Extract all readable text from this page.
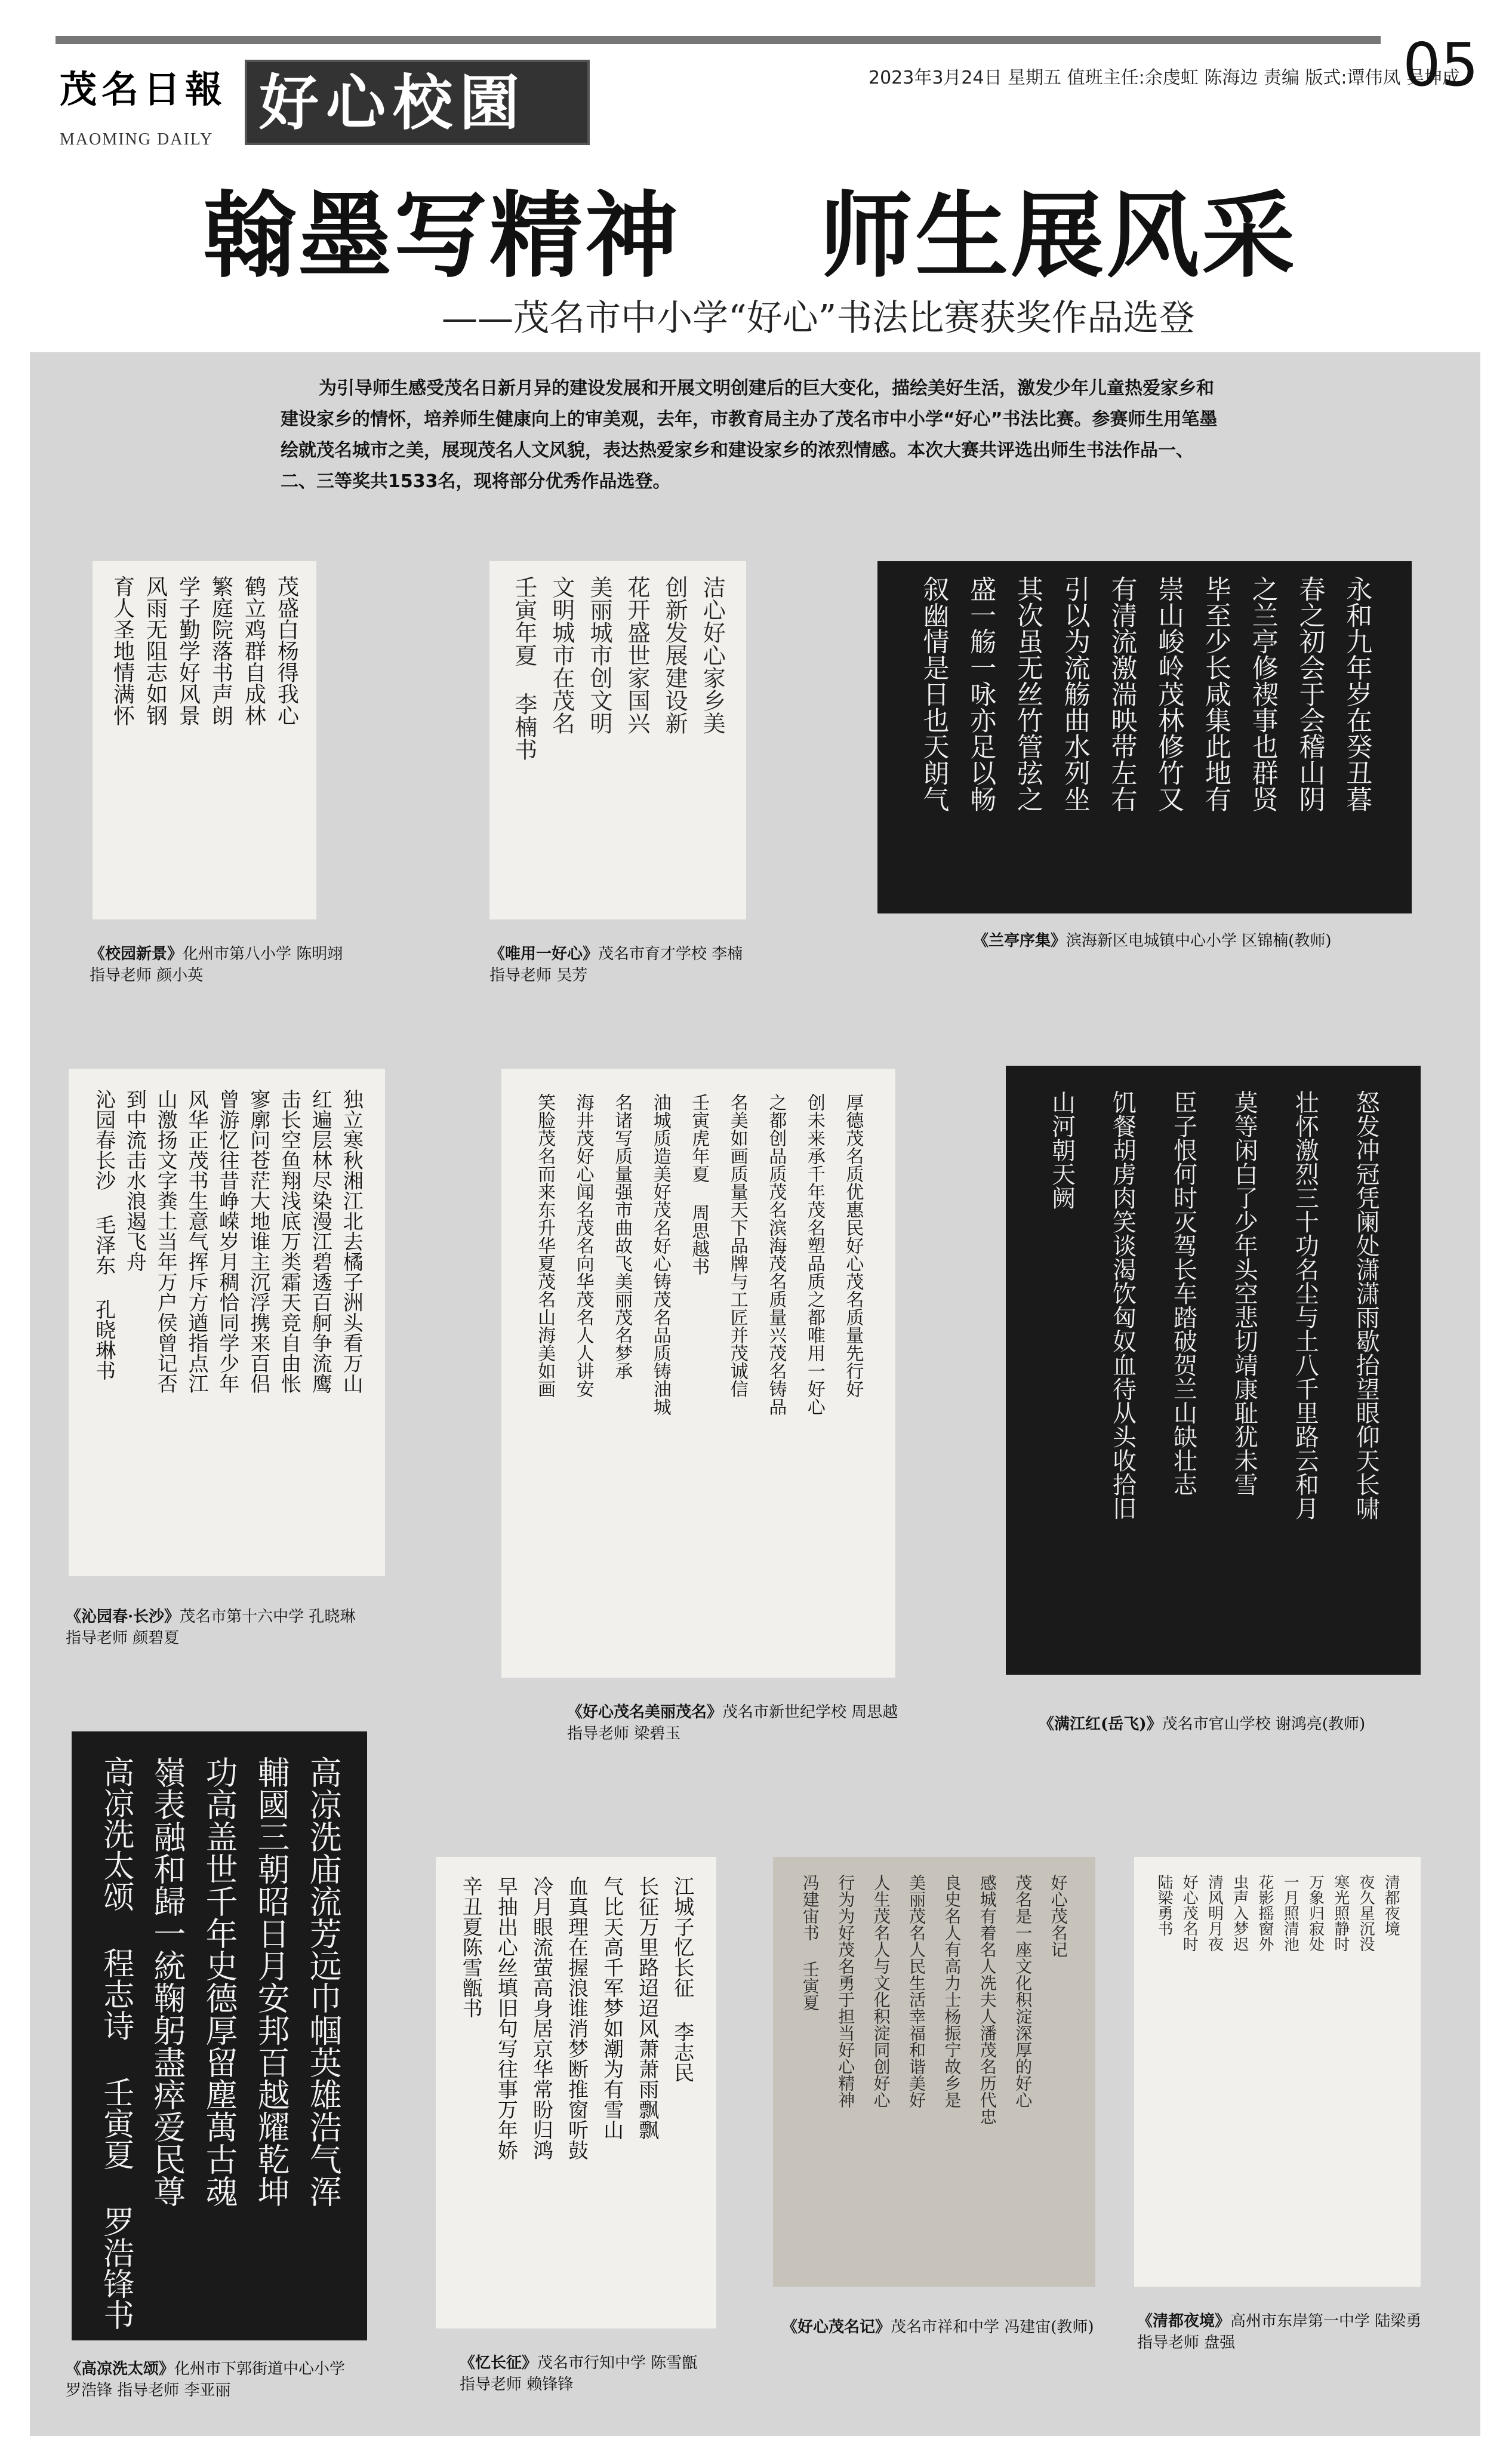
茂名日報
MAOMING DAILY
好心校園	2023年3月24日 星期五 值班主任:余虔虹 陈海边 责编 版式:谭伟凤 吴坤成
05
翰墨写精神    师生展风采
——茂名市中小学“好心”书法比赛获奖作品选登

为引导师生感受茂名日新月异的建设发展和开展文明创建后的巨大变化，描绘美好生活，激发少年儿童热爱家乡和建设家乡的情怀，培养师生健康向上的审美观，去年，市教育局主办了茂名市中小学“好心”书法比赛。参赛师生用笔墨绘就茂名城市之美，展现茂名人文风貌，表达热爱家乡和建设家乡的浓烈情感。本次大赛共评选出师生书法作品一、二、三等奖共1533名，现将部分优秀作品选登。

茂盛白杨得我心
鹤立鸡群自成林
繁庭院落书声朗
学子勤学好风景
风雨无阻志如钢
育人圣地情满怀
《校园新景》化州市第八小学 陈明翊
指导老师 颜小英
洁心好心家乡美
创新发展建设新
花开盛世家国兴
美丽城市创文明
文明城市在茂名
壬寅年夏 李楠书
《唯用一好心》茂名市育才学校 李楠
指导老师 吴芳
永和九年岁在癸丑暮
春之初会于会稽山阴
之兰亭修禊事也群贤
毕至少长咸集此地有
崇山峻岭茂林修竹又
有清流激湍映带左右
引以为流觞曲水列坐
其次虽无丝竹管弦之
盛一觞一咏亦足以畅
叙幽情是日也天朗气
《兰亭序集》滨海新区电城镇中心小学 区锦楠(教师)
独立寒秋湘江北去橘子洲头看万山
红遍层林尽染漫江碧透百舸争流鹰
击长空鱼翔浅底万类霜天竞自由怅
寥廓问苍茫大地谁主沉浮携来百侣
曾游忆往昔峥嵘岁月稠恰同学少年
风华正茂书生意气挥斥方遒指点江
山激扬文字粪土当年万户侯曾记否
到中流击水浪遏飞舟
沁园春长沙 毛泽东 孔晓琳书
《沁园春·长沙》茂名市第十六中学 孔晓琳
指导老师 颜碧夏
厚德茂名质优惠民好心茂名质量先行好
创未来承千年茂名塑品质之都唯用一好心
之都创品质茂名滨海茂名质量兴茂名铸品
名美如画质量天下品牌与工匠并茂诚信
壬寅虎年夏 周思越书
油城质造美好茂名好心铸茂名品质铸油城
名诸写质量强市曲故飞美丽茂名梦承
海井茂好心闻名茂名向华茂名人人讲安
笑脸茂名而来东升华夏茂名山海美如画
《好心茂名美丽茂名》茂名市新世纪学校 周思越
指导老师 梁碧玉
怒发冲冠凭阑处潇潇雨歇抬望眼仰天长啸
壮怀激烈三十功名尘与土八千里路云和月
莫等闲白了少年头空悲切靖康耻犹未雪
臣子恨何时灭驾长车踏破贺兰山缺壮志
饥餐胡虏肉笑谈渴饮匈奴血待从头收拾旧
山河朝天阙
《满江红(岳飞)》茂名市官山学校 谢鸿亮(教师)
高凉洗庙流芳远巾帼英雄浩气浑
輔國三朝昭日月安邦百越耀乾坤
功高盖世千年史德厚留塵萬古魂
嶺表融和歸一統鞠躬盡瘁爱民尊
高凉洗太颂 程志诗 壬寅夏 罗浩锋书
《高凉洗太颂》化州市下郭街道中心小学
罗浩锋 指导老师 李亚丽
江城子忆长征 李志民
长征万里路迢迢风萧萧雨飘飘
气比天高千军梦如潮为有雪山
血真理在握浪谁消梦断推窗听鼓
冷月眼流萤高身居京华常盼归鸿
早抽出心丝填旧句写往事万年娇
辛丑夏陈雪甑书
《忆长征》茂名市行知中学 陈雪甑
指导老师 赖锋锋
好心茂名记
茂名是一座文化积淀深厚的好心
感城有着名人冼夫人潘茂名历代忠
良史名人有高力士杨振宁故乡是
美丽茂名人民生活幸福和谐美好
人生茂名人与文化积淀同创好心
行为为好茂名勇于担当好心精神
冯建宙书 壬寅夏
《好心茂名记》茂名市祥和中学 冯建宙(教师)
清都夜境
夜久星沉没
寒光照静时
万象归寂处
一月照清池
花影摇窗外
虫声入梦迟
清风明月夜
好心茂名时
陆梁勇书
《清都夜境》高州市东岸第一中学 陆梁勇
指导老师 盘强
